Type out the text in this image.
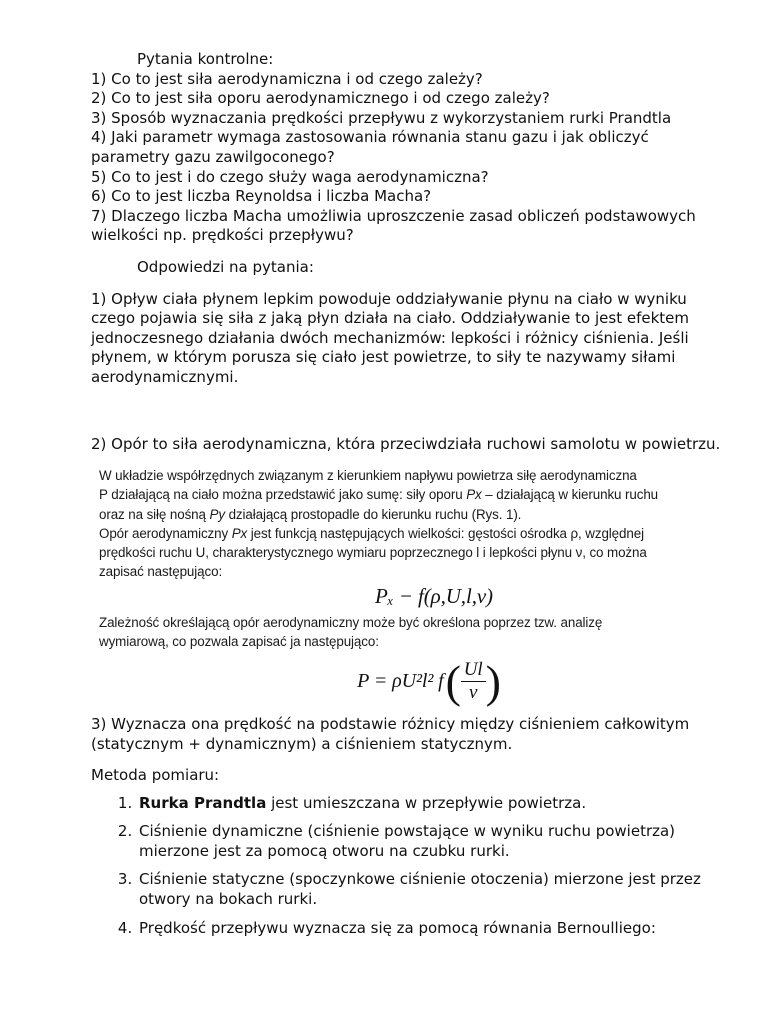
Pytania kontrolne:

1) Co to jest siła aerodynamiczna i od czego zależy?

2) Co to jest siła oporu aerodynamicznego i od czego zależy?

3) Sposób wyznaczania prędkości przepływu z wykorzystaniem rurki Prandtla

4) Jaki parametr wymaga zastosowania równania stanu gazu i jak obliczyć parametry gazu zawilgoconego?

5) Co to jest i do czego służy waga aerodynamiczna?

6) Co to jest liczba Reynoldsa i liczba Macha?

7) Dlaczego liczba Macha umożliwia uproszczenie zasad obliczeń podstawowych wielkości np. prędkości przepływu?

Odpowiedzi na pytania:

1) Opływ ciała płynem lepkim powoduje oddziaływanie płynu na ciało w wyniku czego pojawia się siła z jaką płyn działa na ciało. Oddziaływanie to jest efektem jednoczesnego działania dwóch mechanizmów: lepkości i różnicy ciśnienia. Jeśli płynem, w którym porusza się ciało jest powietrze, to siły te nazywamy siłami aerodynamicznymi.

2) Opór to siła aerodynamiczna, która przeciwdziała ruchowi samolotu w powietrzu.

W układzie współrzędnych związanym z kierunkiem napływu powietrza siłę aerodynamiczna
P działającą na ciało można przedstawić jako sumę: siły oporu Px – działającą w kierunku ruchu
oraz na siłę nośną Py działającą prostopadle do kierunku ruchu (Rys. 1).
Opór aerodynamiczny Px jest funkcją następujących wielkości: gęstości ośrodka ρ, względnej
prędkości ruchu U, charakterystycznego wymiaru poprzecznego l i lepkości płynu ν, co można
zapisać następująco:
Pₓ − f(ρ,U,l,ν)
Zależność określającą opór aerodynamiczny może być określona poprzez tzw. analizę
wymiarową, co pozwala zapisać ja następująco:
P = ρU²l² f ( $\frac{Ul}{\nu}$ )

3) Wyznacza ona prędkość na podstawie różnicy między ciśnieniem całkowitym (statycznym + dynamicznym) a ciśnieniem statycznym.

Metoda pomiaru:

1. Rurka Prandtla jest umieszczana w przepływie powietrza.
2. Ciśnienie dynamiczne (ciśnienie powstające w wyniku ruchu powietrza) mierzone jest za pomocą otworu na czubku rurki.
3. Ciśnienie statyczne (spoczynkowe ciśnienie otoczenia) mierzone jest przez otwory na bokach rurki.
4. Prędkość przepływu wyznacza się za pomocą równania Bernoulliego:
